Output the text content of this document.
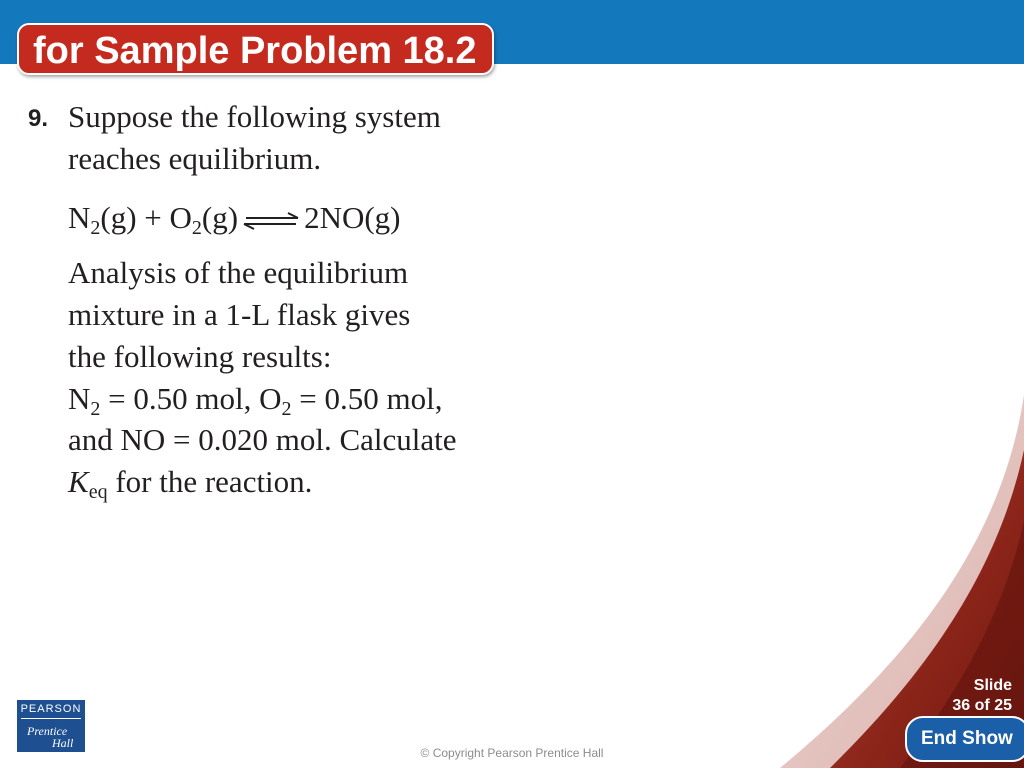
for Sample Problem 18.2
9. Suppose the following system
reaches equilibrium.
$N_2(g) + O_2(g)$ ⇌ 2NO(g)
Analysis of the equilibrium
mixture in a 1-L flask gives
the following results:
$N_2 = 0.50$ mol, $O_2 = 0.50$ mol,
and NO = 0.020 mol. Calculate
$K_{eq}$ for the reaction.
PEARSON
Prentice
Hall
Slide
36 of 25
End Show
© Copyright Pearson Prentice Hall
